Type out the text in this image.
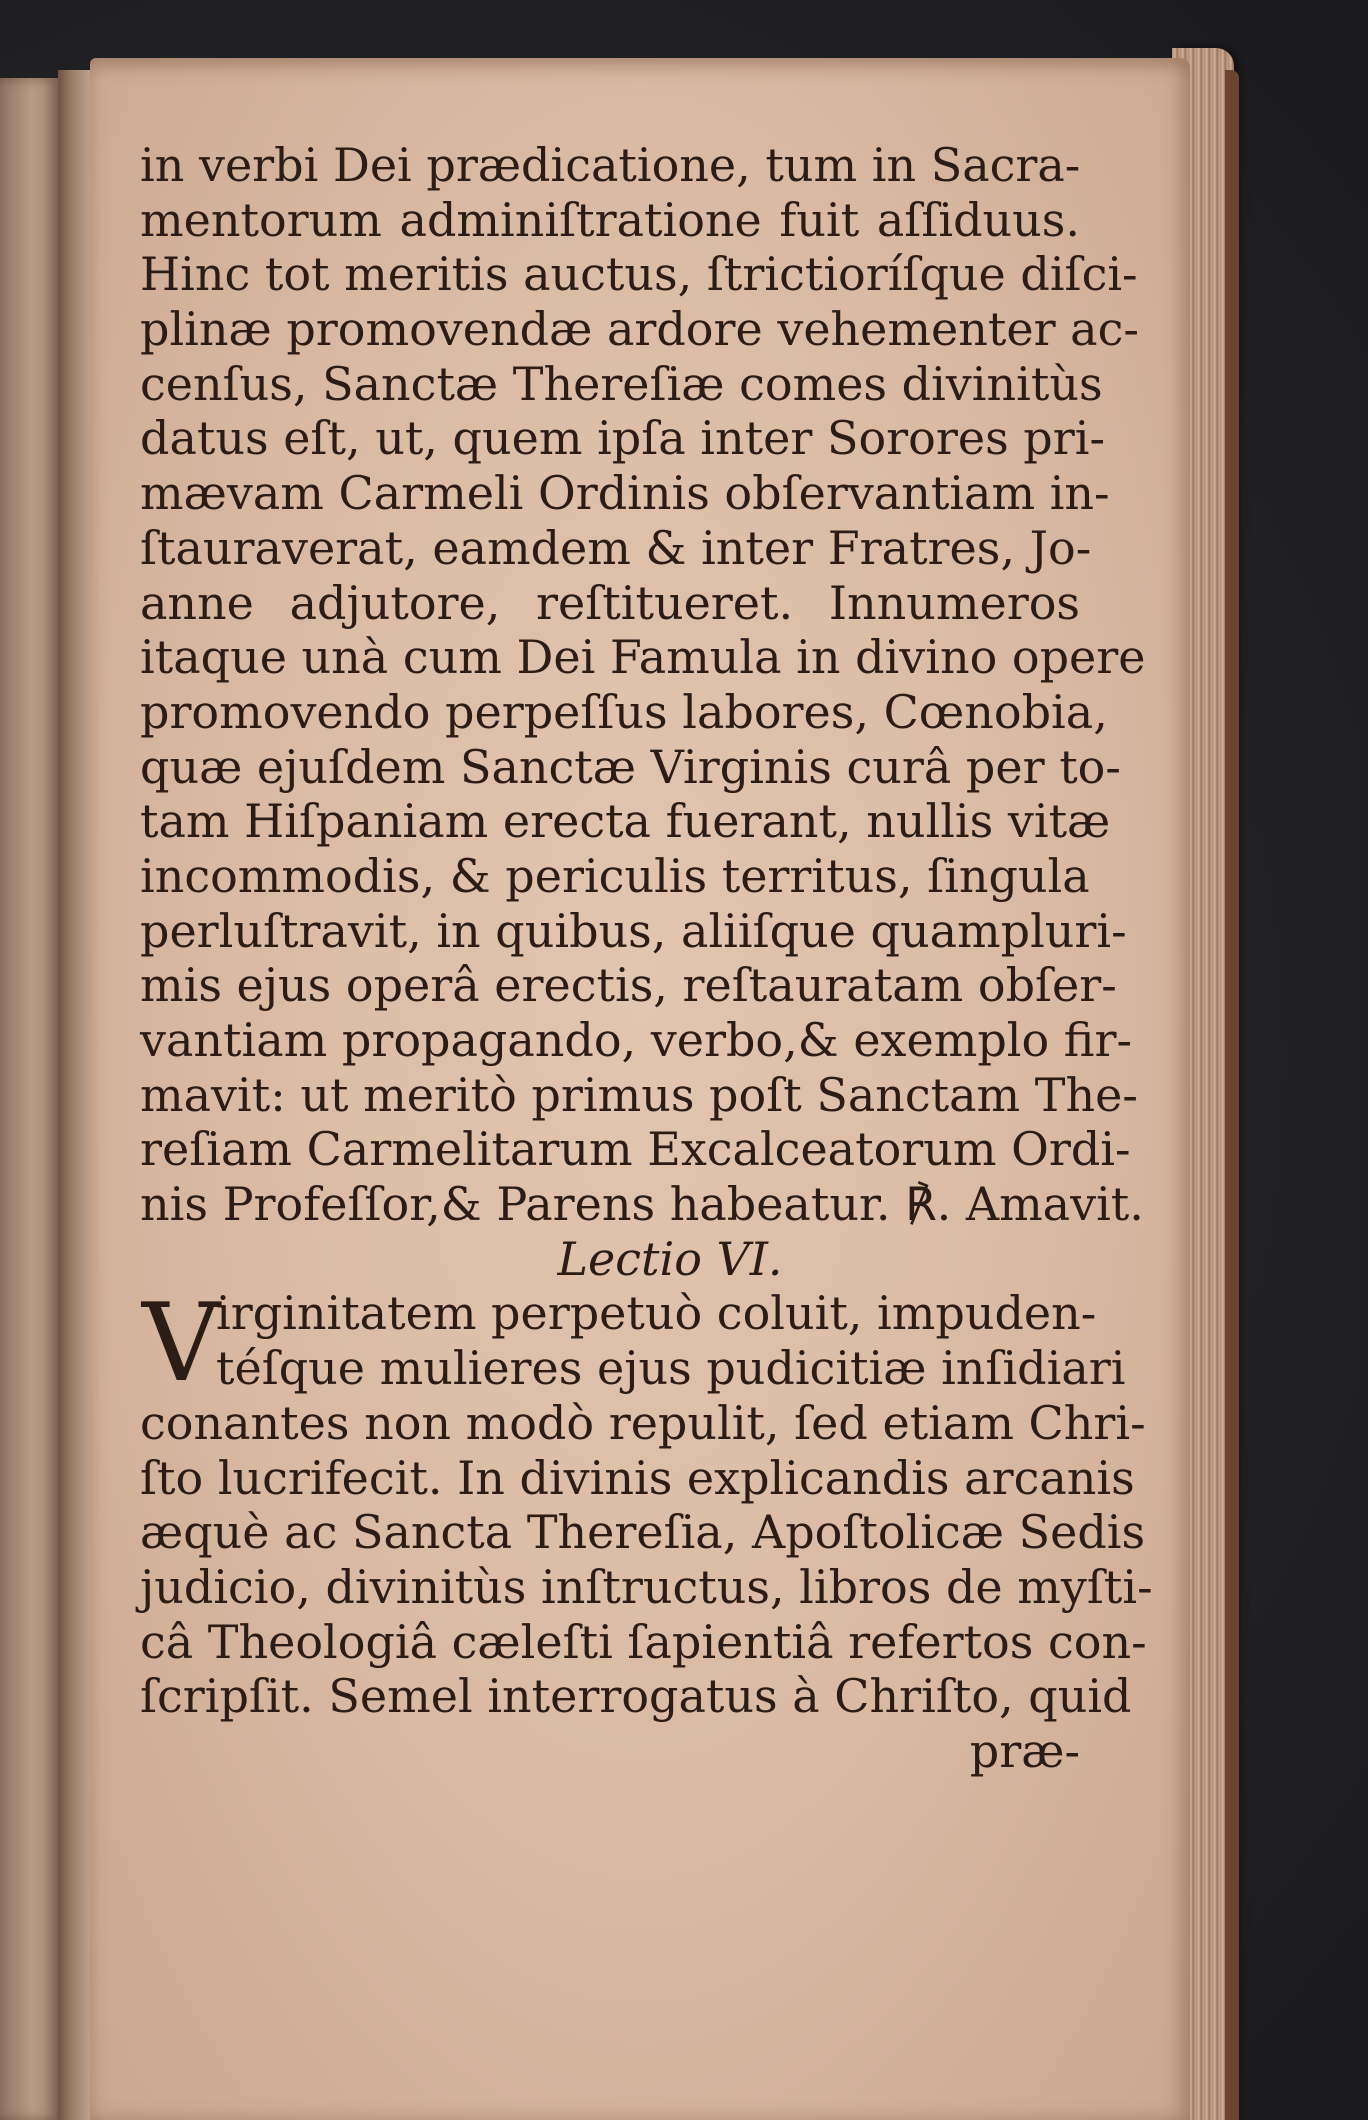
in verbi Dei prædicatione, tum in Sacra-
mentorum adminiſtratione fuit aſſiduus.
Hinc tot meritis auctus, ſtrictioríſque diſci-
plinæ promovendæ ardore vehementer ac-
cenſus, Sanctæ Thereſiæ comes divinitùs
datus eſt, ut, quem ipſa inter Sorores pri-
mævam Carmeli Ordinis obſervantiam in-
ſtauraverat, eamdem & inter Fratres, Jo-
anne adjutore, reſtitueret. Innumeros
itaque unà cum Dei Famula in divino opere
promovendo perpeſſus labores, Cœnobia,
quæ ejuſdem Sanctæ Virginis curâ per to-
tam Hiſpaniam erecta fuerant, nullis vitæ
incommodis, & periculis territus, ſingula
perluſtravit, in quibus, aliiſque quampluri-
mis ejus operâ erectis, reſtauratam obſer-
vantiam propagando, verbo,& exemplo fir-
mavit: ut meritò primus poſt Sanctam The-
reſiam Carmelitarum Excalceatorum Ordi-
nis Profeſſor,& Parens habeatur. ℟. Amavit.
Lectio VI.
V
irginitatem perpetuò coluit, impuden-
téſque mulieres ejus pudicitiæ inſidiari
conantes non modò repulit, ſed etiam Chri-
ſto lucrifecit. In divinis explicandis arcanis
æquè ac Sancta Thereſia, Apoſtolicæ Sedis
judicio, divinitùs inſtructus, libros de myſti-
câ Theologiâ cæleſti ſapientiâ refertos con-
ſcripſit. Semel interrogatus à Chriſto, quid
præ-
